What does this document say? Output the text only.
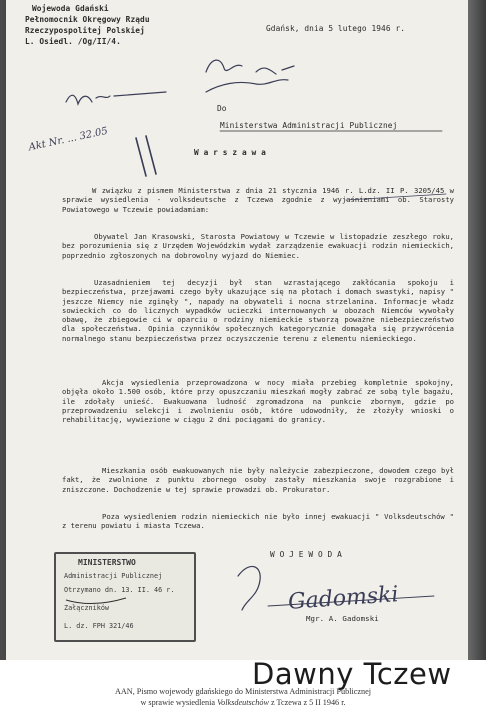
Wojewoda Gdański
Pełnomocnik Okręgowy Rządu
Rzeczypospolitej Polskiej
L. Osiedl. /Og/II/4.
Gdańsk, dnia 5 lutego 1946 r.
Akt Nr. ... 32.05
Do
Ministerstwa Administracji Publicznej
W a r s z a w a
W związku z pismem Ministerstwa z dnia 21 stycznia 1946 r. L.dz. II P. 3205/45 w sprawie wysiedlenia - volksdeutsche z Tczewa zgodnie z wyjaśnieniami ob. Starosty Powiatowego w Tczewie powiadamiam:
Obywatel Jan Krasowski, Starosta Powiatowy w Tczewie w listopadzie zeszłego roku, bez porozumienia się z Urzędem Wojewódzkim wydał zarządzenie ewakuacji rodzin niemieckich, poprzednio zgłoszonych na dobrowolny wyjazd do Niemiec.
Uzasadnieniem tej decyzji był stan wzrastającego zakłócania spokoju i bezpieczeństwa, przejawami czego były ukazujące się na płotach i domach swastyki, napisy " jeszcze Niemcy nie zginęły ", napady na obywateli i nocna strzelanina. Informacje władz sowieckich co do licznych wypadków ucieczki internowanych w obozach Niemców wywołały obawę, że zbiegowie ci w oparciu o rodziny niemieckie stworzą poważne niebezpieczeństwo dla społeczeństwa. Opinia czynników społecznych kategorycznie domagała się przywrócenia normalnego stanu bezpieczeństwa przez oczyszczenie terenu z elementu niemieckiego.
Akcja wysiedlenia przeprowadzona w nocy miała przebieg kompletnie spokojny, objęła około 1.500 osób, które przy opuszczaniu mieszkań mogły zabrać ze sobą tyle bagażu, ile zdołały unieść. Ewakuowana ludność zgromadzona na punkcie zbornym, gdzie po przeprowadzeniu selekcji i zwolnieniu osób, które udowodniły, że złożyły wnioski o rehabilitację, wywiezione w ciągu 2 dni pociągami do granicy.
Mieszkania osób ewakuowanych nie były należycie zabezpieczone, dowodem czego był fakt, że zwolnione z punktu zbornego osoby zastały mieszkania swoje rozgrabione i zniszczone. Dochodzenie w tej sprawie prowadzi ob. Prokurator.
Poza wysiedleniem rodzin niemieckich nie było innej ewakuacji " Volksdeutschów " z terenu powiatu i miasta Tczewa.
W O J E W O D A
Gadomski
Mgr. A. Gadomski
MINISTERSTWO
Administracji Publicznej
Otrzymano dn. 13. II. 46 r.
Załączników
L. dz. FPH 321/46
Dawny Tczew
AAN, Pismo wojewody gdańskiego do Ministerstwa Administracji Publicznej
w sprawie wysiedlenia Volksdeutschów z Tczewa z 5 II 1946 r.
